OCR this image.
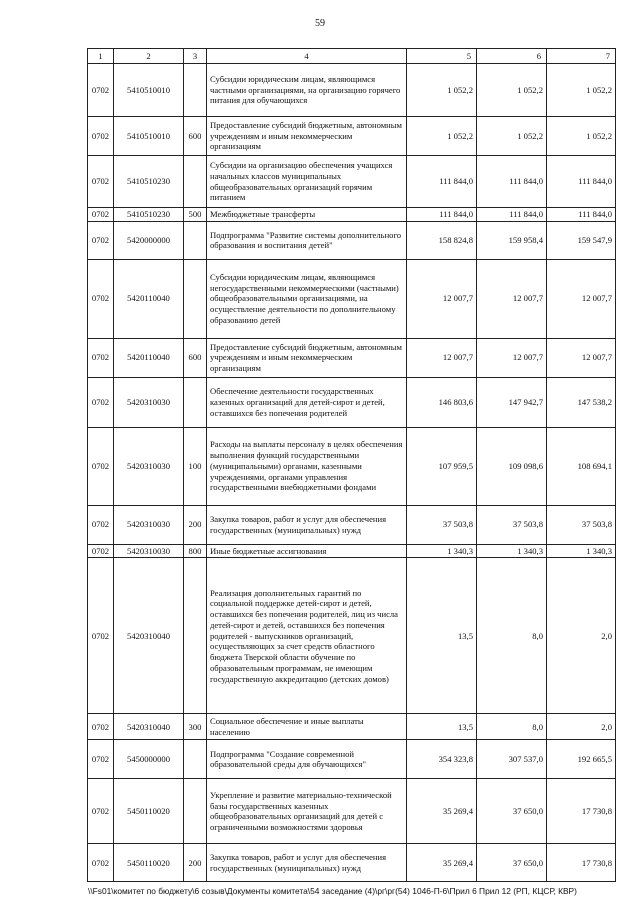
59
1	2	3	4	5	6	7
0702	5410510010		Субсидии юридическим лицам, являющимся частными организациями, на организацию горячего питания для обучающихся	1 052,2	1 052,2	1 052,2
0702	5410510010	600	Предоставление субсидий бюджетным, автономным учреждениям и иным некоммерческим организациям	1 052,2	1 052,2	1 052,2
0702	5410510230		Субсидии на организацию обеспечения учащихся начальных классов муниципальных общеобразовательных организаций горячим питанием	111 844,0	111 844,0	111 844,0
0702	5410510230	500	Межбюджетные трансферты	111 844,0	111 844,0	111 844,0
0702	5420000000		Подпрограмма "Развитие системы дополнительного образования и воспитания детей"	158 824,8	159 958,4	159 547,9
0702	5420110040		Субсидии юридическим лицам, являющимся негосударственными некоммерческими (частными) общеобразовательными организациями, на осуществление деятельности по дополнительному образованию детей	12 007,7	12 007,7	12 007,7
0702	5420110040	600	Предоставление субсидий бюджетным, автономным учреждениям и иным некоммерческим организациям	12 007,7	12 007,7	12 007,7
0702	5420310030		Обеспечение деятельности государственных казенных организаций для детей-сирот и детей, оставшихся без попечения родителей	146 803,6	147 942,7	147 538,2
0702	5420310030	100	Расходы на выплаты персоналу в целях обеспечения выполнения функций государственными (муниципальными) органами, казенными учреждениями, органами управления государственными внебюджетными фондами	107 959,5	109 098,6	108 694,1
0702	5420310030	200	Закупка товаров, работ и услуг для обеспечения государственных (муниципальных) нужд	37 503,8	37 503,8	37 503,8
0702	5420310030	800	Иные бюджетные ассигнования	1 340,3	1 340,3	1 340,3
0702	5420310040		Реализация дополнительных гарантий по социальной поддержке детей-сирот и детей, оставшихся без попечения родителей, лиц из числа детей-сирот и детей, оставшихся без попечения родителей - выпускников организаций, осуществляющих за счет средств областного бюджета Тверской области обучение по образовательным программам, не имеющим государственную аккредитацию (детских домов)	13,5	8,0	2,0
0702	5420310040	300	Социальное обеспечение и иные выплаты населению	13,5	8,0	2,0
0702	5450000000		Подпрограмма "Создание современной образовательной среды для обучающихся"	354 323,8	307 537,0	192 665,5
0702	5450110020		Укрепление и развитие материально-технической базы государственных казенных общеобразовательных организаций для детей с ограниченными возможностями здоровья	35 269,4	37 650,0	17 730,8
0702	5450110020	200	Закупка товаров, работ и услуг для обеспечения государственных (муниципальных) нужд	35 269,4	37 650,0	17 730,8
\\Fs01\комитет по бюджету\6 созыв\Документы комитета\54 заседание (4)\рг\рг(54) 1046-П-6\Прил 6 Прил 12 (РП, КЦСР, КВР)
